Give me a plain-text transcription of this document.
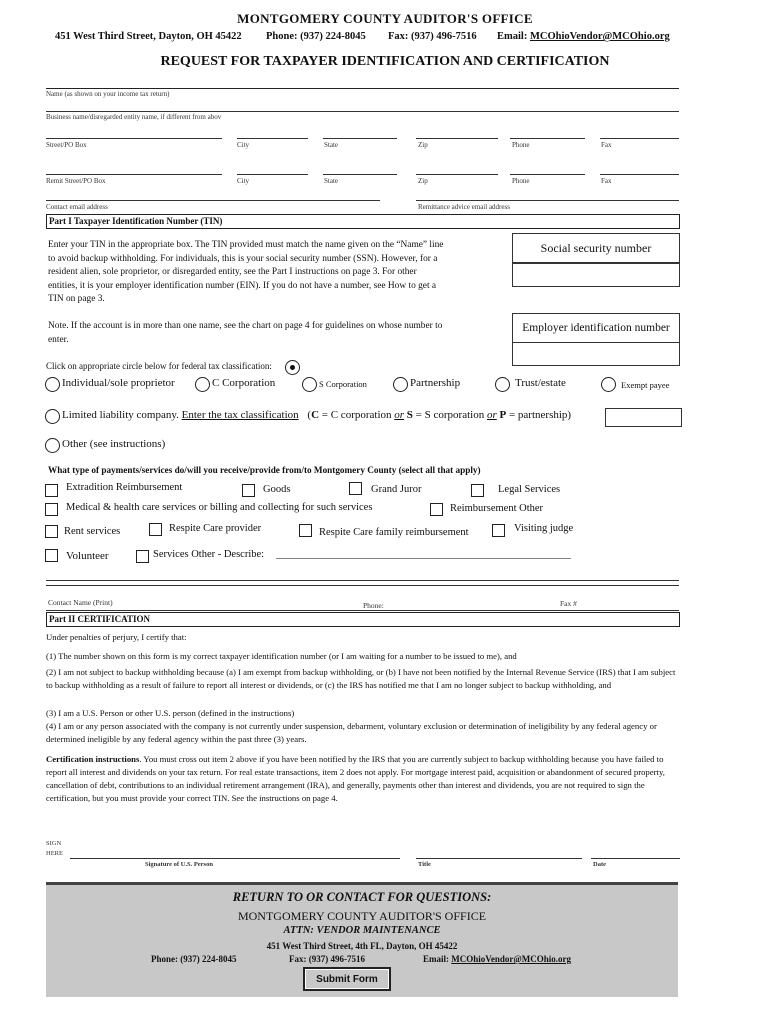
MONTGOMERY COUNTY AUDITOR'S OFFICE
451 West Third Street, Dayton, OH 45422 Phone: (937) 224-8045 Fax: (937) 496-7516 Email: MCOhioVendor@MCOhio.org
REQUEST FOR TAXPAYER IDENTIFICATION AND CERTIFICATION
Name (as shown on your income tax return)
Business name/disregarded entity name, if different from abov
Street/PO Box	City	State	Zip	Phone	Fax
Remit Street/PO Box	City	State	Zip	Phone	Fax
Contact email address	Remittance advice email address
Part I Taxpayer Identification Number (TIN)
Enter your TIN in the appropriate box. The TIN provided must match the name given on the “Name” line to avoid backup withholding. For individuals, this is your social security number (SSN). However, for a resident alien, sole proprietor, or disregarded entity, see the Part I instructions on page 3. For other entities, it is your employer identification number (EIN). If you do not have a number, see How to get a TIN on page 3.
Note. If the account is in more than one name, see the chart on page 4 for guidelines on whose number to enter.
Social security number
Employer identification number
Click on appropriate circle below for federal tax classification:
Individual/sole proprietor	C Corporation	S Corporation	Partnership	Trust/estate	Exempt payee
Limited liability company. Enter the tax classification (C = C corporation or S = S corporation or P = partnership)
Other (see instructions)
What type of payments/services do/will you receive/provide from/to Montgomery County (select all that apply)
Extradition Reimbursement	Goods	Grand Juror	Legal Services
Medical & health care services or billing and collecting for such services	Reimbursement Other
Rent services	Respite Care provider	Respite Care family reimbursement	Visiting judge
Volunteer	Services Other - Describe: ___________________________________________________________
Contact Name (Print)	Phone:	Fax #
Part II CERTIFICATION
Under penalties of perjury, I certify that:
(1) The number shown on this form is my correct taxpayer identification number (or I am waiting for a number to be issued to me), and
(2) I am not subject to backup withholding because (a) I am exempt from backup withholding, or (b) I have not been notified by the Internal Revenue Service (IRS) that I am subject to backup withholding as a result of failure to report all interest or dividends, or (c) the IRS has notified me that I am no longer subject to backup withholding, and
(3) I am a U.S. Person or other U.S. person (defined in the instructions)
(4) I am or any person associated with the company is not currently under suspension, debarment, voluntary exclusion or determination of ineligibility by any federal agency or determined ineligible by any federal agency within the past three (3) years.
Certification instructions. You must cross out item 2 above if you have been notified by the IRS that you are currently subject to backup withholding because you have failed to report all interest and dividends on your tax return. For real estate transactions, item 2 does not apply. For mortgage interest paid, acquisition or abandonment of secured property, cancellation of debt, contributions to an individual retirement arrangement (IRA), and generally, payments other than interest and dividends, you are not required to sign the certification, but you must provide your correct TIN. See the instructions on page 4.
SIGN
HERE
Signature of U.S. Person	Title	Date
RETURN TO OR CONTACT FOR QUESTIONS:
MONTGOMERY COUNTY AUDITOR'S OFFICE
ATTN: VENDOR MAINTENANCE
451 West Third Street, 4th FL, Dayton, OH 45422
Phone: (937) 224-8045	Fax: (937) 496-7516	Email: MCOhioVendor@MCOhio.org
Submit Form
